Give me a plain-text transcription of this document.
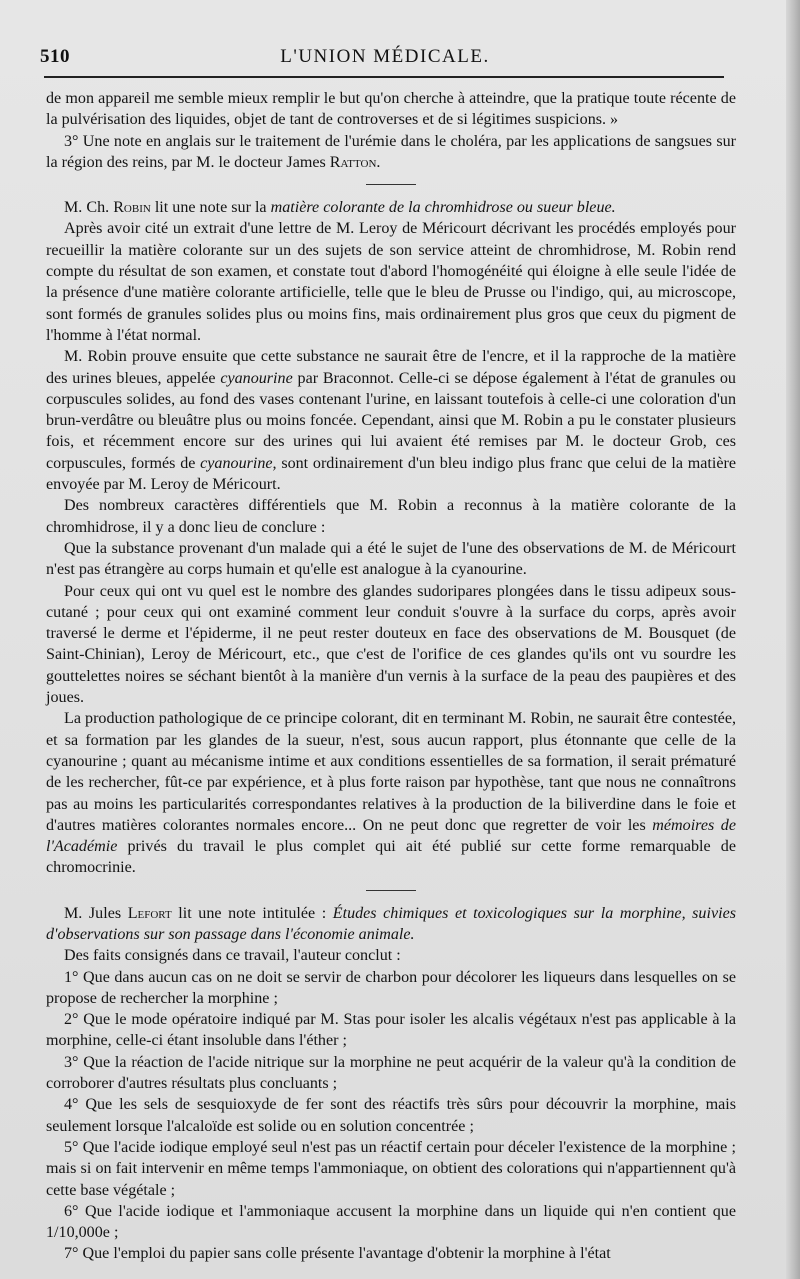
510	L'UNION MÉDICALE.

de mon appareil me semble mieux remplir le but qu'on cherche à atteindre, que la pratique toute récente de la pulvérisation des liquides, objet de tant de controverses et de si légitimes suspicions. »

3° Une note en anglais sur le traitement de l'urémie dans le choléra, par les applications de sangsues sur la région des reins, par M. le docteur James Ratton.

M. Ch. Robin lit une note sur la matière colorante de la chromhidrose ou sueur bleue.

Après avoir cité un extrait d'une lettre de M. Leroy de Méricourt décrivant les procédés employés pour recueillir la matière colorante sur un des sujets de son service atteint de chromhidrose, M. Robin rend compte du résultat de son examen, et constate tout d'abord l'homogénéité qui éloigne à elle seule l'idée de la présence d'une matière colorante artificielle, telle que le bleu de Prusse ou l'indigo, qui, au microscope, sont formés de granules solides plus ou moins fins, mais ordinairement plus gros que ceux du pigment de l'homme à l'état normal.

M. Robin prouve ensuite que cette substance ne saurait être de l'encre, et il la rapproche de la matière des urines bleues, appelée cyanourine par Braconnot. Celle-ci se dépose également à l'état de granules ou corpuscules solides, au fond des vases contenant l'urine, en laissant toutefois à celle-ci une coloration d'un brun-verdâtre ou bleuâtre plus ou moins foncée. Cependant, ainsi que M. Robin a pu le constater plusieurs fois, et récemment encore sur des urines qui lui avaient été remises par M. le docteur Grob, ces corpuscules, formés de cyanourine, sont ordinairement d'un bleu indigo plus franc que celui de la matière envoyée par M. Leroy de Méricourt.

Des nombreux caractères différentiels que M. Robin a reconnus à la matière colorante de la chromhidrose, il y a donc lieu de conclure :

Que la substance provenant d'un malade qui a été le sujet de l'une des observations de M. de Méricourt n'est pas étrangère au corps humain et qu'elle est analogue à la cyanourine.

Pour ceux qui ont vu quel est le nombre des glandes sudoripares plongées dans le tissu adipeux sous-cutané ; pour ceux qui ont examiné comment leur conduit s'ouvre à la surface du corps, après avoir traversé le derme et l'épiderme, il ne peut rester douteux en face des observations de M. Bousquet (de Saint-Chinian), Leroy de Méricourt, etc., que c'est de l'orifice de ces glandes qu'ils ont vu sourdre les gouttelettes noires se séchant bientôt à la manière d'un vernis à la surface de la peau des paupières et des joues.

La production pathologique de ce principe colorant, dit en terminant M. Robin, ne saurait être contestée, et sa formation par les glandes de la sueur, n'est, sous aucun rapport, plus étonnante que celle de la cyanourine ; quant au mécanisme intime et aux conditions essentielles de sa formation, il serait prématuré de les rechercher, fût-ce par expérience, et à plus forte raison par hypothèse, tant que nous ne connaîtrons pas au moins les particularités correspondantes relatives à la production de la biliverdine dans le foie et d'autres matières colorantes normales encore... On ne peut donc que regretter de voir les mémoires de l'Académie privés du travail le plus complet qui ait été publié sur cette forme remarquable de chromocrinie.

M. Jules Lefort lit une note intitulée : Études chimiques et toxicologiques sur la morphine, suivies d'observations sur son passage dans l'économie animale.

Des faits consignés dans ce travail, l'auteur conclut :

1° Que dans aucun cas on ne doit se servir de charbon pour décolorer les liqueurs dans lesquelles on se propose de rechercher la morphine ;

2° Que le mode opératoire indiqué par M. Stas pour isoler les alcalis végétaux n'est pas applicable à la morphine, celle-ci étant insoluble dans l'éther ;

3° Que la réaction de l'acide nitrique sur la morphine ne peut acquérir de la valeur qu'à la condition de corroborer d'autres résultats plus concluants ;

4° Que les sels de sesquioxyde de fer sont des réactifs très sûrs pour découvrir la morphine, mais seulement lorsque l'alcaloïde est solide ou en solution concentrée ;

5° Que l'acide iodique employé seul n'est pas un réactif certain pour déceler l'existence de la morphine ; mais si on fait intervenir en même temps l'ammoniaque, on obtient des colorations qui n'appartiennent qu'à cette base végétale ;

6° Que l'acide iodique et l'ammoniaque accusent la morphine dans un liquide qui n'en contient que 1/10,000e ;

7° Que l'emploi du papier sans colle présente l'avantage d'obtenir la morphine à l'état
